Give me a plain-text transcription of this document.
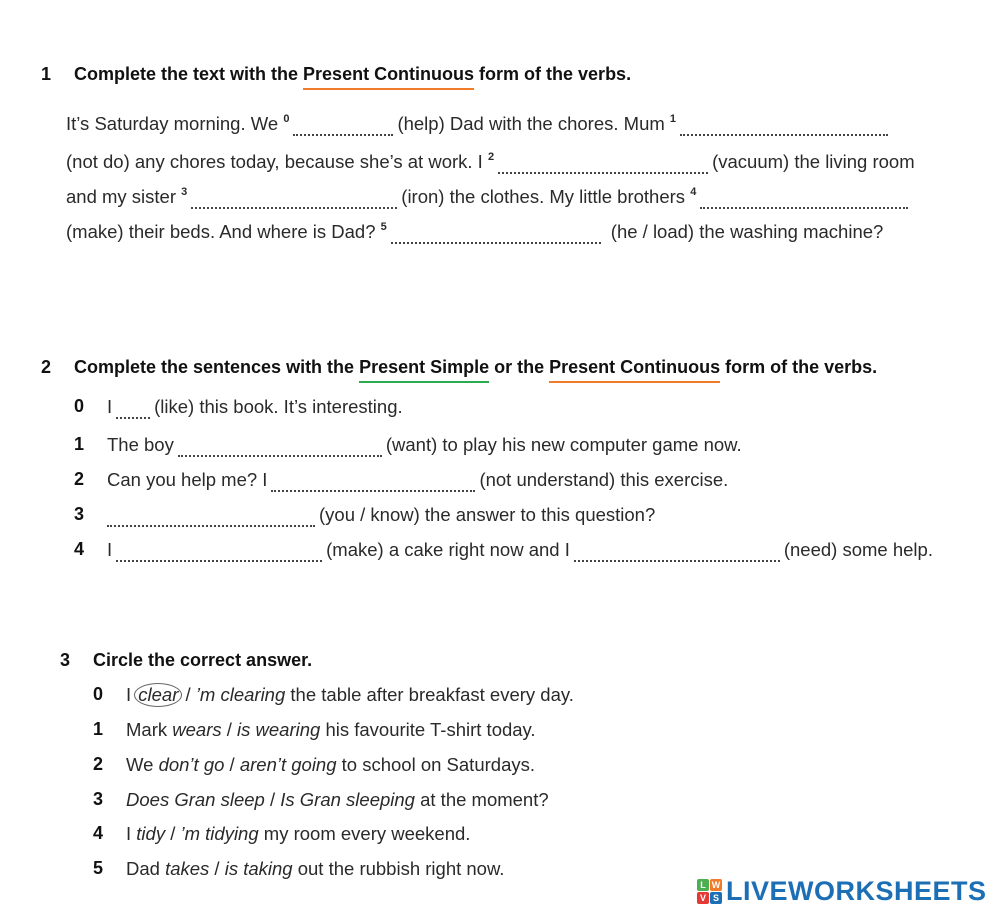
1 Complete the text with the Present Continuous form of the verbs.
It’s Saturday morning. We $^0$	(help) Dad with the chores. Mum $^1$
(not do) any chores today, because she’s at work. I $^2$	(vacuum) the living room
and my sister $^3$	(iron) the clothes. My little brothers $^4$
(make) their beds. And where is Dad? $^5$	(he / load) the washing machine?
2 Complete the sentences with the Present Simple or the Present Continuous form of the verbs.
0 I (like) this book. It’s interesting.
1 The boy	(want) to play his new computer game now.
2 Can you help me? I	(not understand) this exercise.
3	(you / know) the answer to this question?
4 I	(make) a cake right now and I	(need) some help.
3 Circle the correct answer.
0 I clear / ’m clearing the table after breakfast every day.
1 Mark wears / is wearing his favourite T-shirt today.
2 We don’t go / aren’t going to school on Saturdays.
3 Does Gran sleep / Is Gran sleeping at the moment?
4 I tidy / ’m tidying my room every weekend.
5 Dad takes / is taking out the rubbish right now.
L W
V S LIVEWORKSHEETS
